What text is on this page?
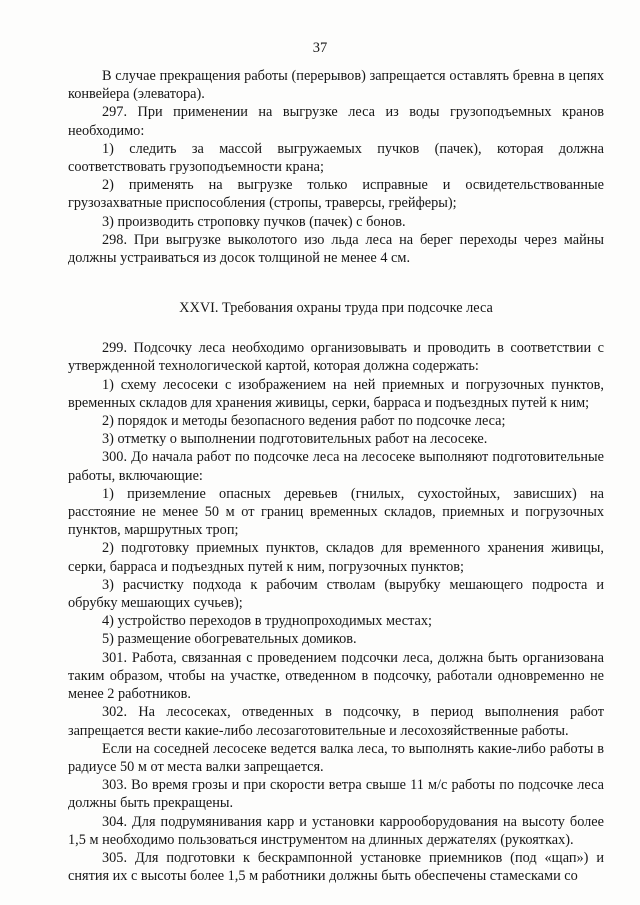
37

В случае прекращения работы (перерывов) запрещается оставлять бревна в цепях конвейера (элеватора).

297. При применении на выгрузке леса из воды грузоподъемных кранов необходимо:

1) следить за массой выгружаемых пучков (пачек), которая должна соответствовать грузоподъемности крана;

2) применять на выгрузке только исправные и освидетельствованные грузозахватные приспособления (стропы, траверсы, грейферы);

3) производить строповку пучков (пачек) с бонов.

298. При выгрузке выколотого изо льда леса на берег переходы через майны должны устраиваться из досок толщиной не менее 4 см.

XXVI. Требования охраны труда при подсочке леса

299. Подсочку леса необходимо организовывать и проводить в соответствии с утвержденной технологической картой, которая должна содержать:

1) схему лесосеки с изображением на ней приемных и погрузочных пунктов, временных складов для хранения живицы, серки, барраса и подъездных путей к ним;

2) порядок и методы безопасного ведения работ по подсочке леса;

3) отметку о выполнении подготовительных работ на лесосеке.

300. До начала работ по подсочке леса на лесосеке выполняют подготовительные работы, включающие:

1) приземление опасных деревьев (гнилых, сухостойных, зависших) на расстояние не менее 50 м от границ временных складов, приемных и погрузочных пунктов, маршрутных троп;

2) подготовку приемных пунктов, складов для временного хранения живицы, серки, барраса и подъездных путей к ним, погрузочных пунктов;

3) расчистку подхода к рабочим стволам (вырубку мешающего подроста и обрубку мешающих сучьев);

4) устройство переходов в труднопроходимых местах;

5) размещение обогревательных домиков.

301. Работа, связанная с проведением подсочки леса, должна быть организована таким образом, чтобы на участке, отведенном в подсочку, работали одновременно не менее 2 работников.

302. На лесосеках, отведенных в подсочку, в период выполнения работ запрещается вести какие-либо лесозаготовительные и лесохозяйственные работы.

Если на соседней лесосеке ведется валка леса, то выполнять какие-либо работы в радиусе 50 м от места валки запрещается.

303. Во время грозы и при скорости ветра свыше 11 м/с работы по подсочке леса должны быть прекращены.

304. Для подрумянивания карр и установки каррооборудования на высоту более 1,5 м необходимо пользоваться инструментом на длинных держателях (рукоятках).

305. Для подготовки к бескрампонной установке приемников (под «щап») и снятия их с высоты более 1,5 м работники должны быть обеспечены стамесками со
